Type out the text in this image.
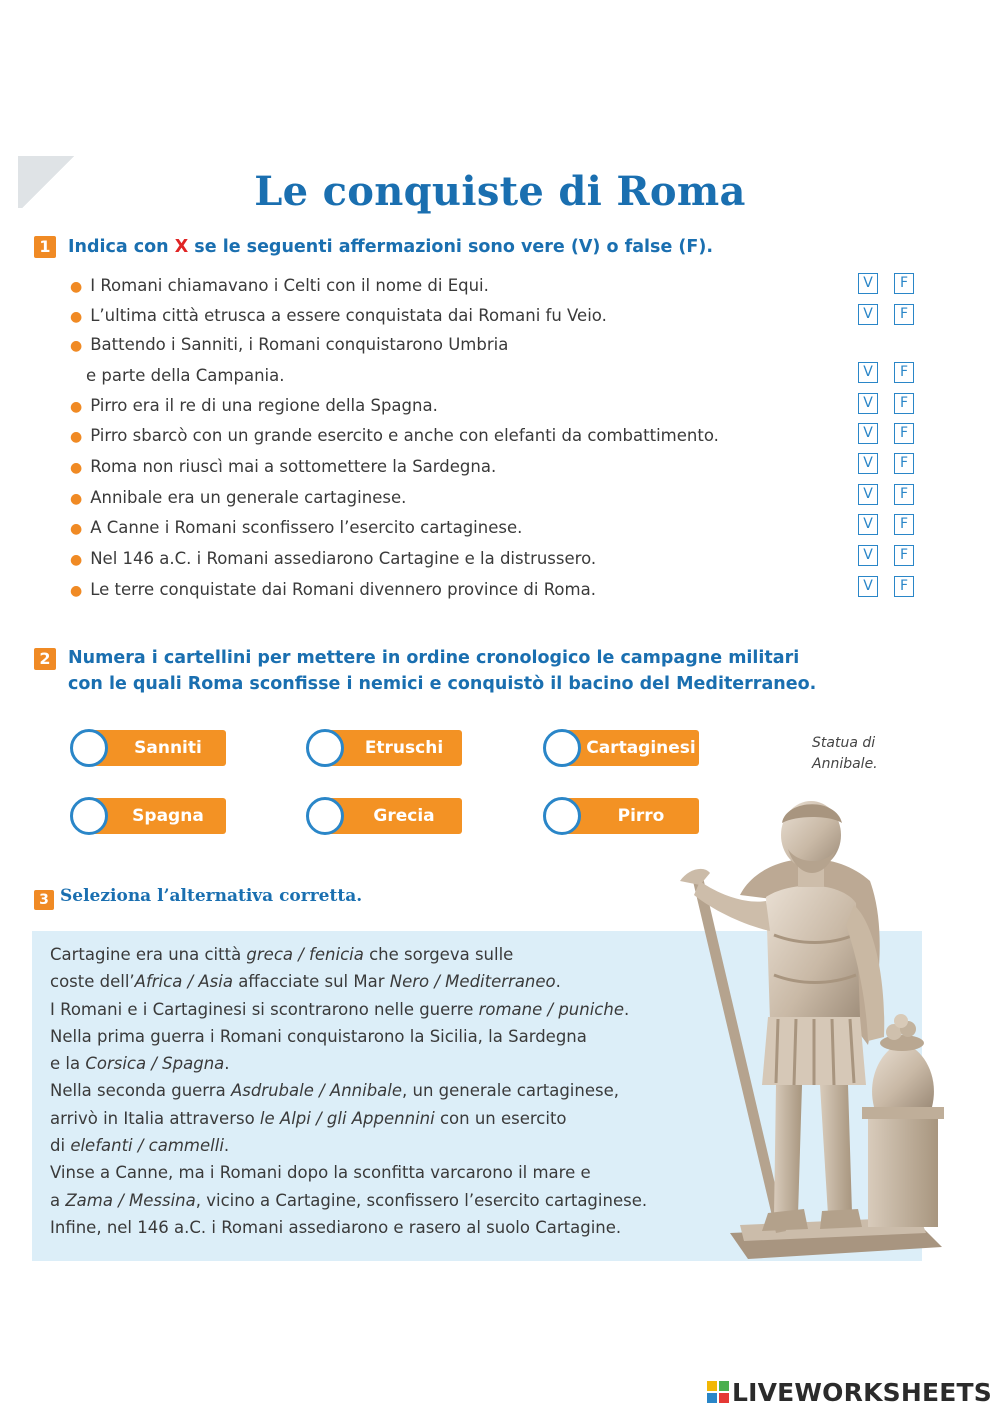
Le conquiste di Roma
1 Indica con X se le seguenti affermazioni sono vere (V) o false (F).
● I Romani chiamavano i Celti con il nome di Equi.	V	F
● L’ultima città etrusca a essere conquistata dai Romani fu Veio.	V	F
● Battendo i Sanniti, i Romani conquistarono Umbria
e parte della Campania.	V	F
● Pirro era il re di una regione della Spagna.	V	F
● Pirro sbarcò con un grande esercito e anche con elefanti da combattimento.	V	F
● Roma non riuscì mai a sottomettere la Sardegna.	V	F
● Annibale era un generale cartaginese.	V	F
● A Canne i Romani sconfissero l’esercito cartaginese.	V	F
● Nel 146 a.C. i Romani assediarono Cartagine e la distrussero.	V	F
● Le terre conquistate dai Romani divennero province di Roma.	V	F
2 Numera i cartellini per mettere in ordine cronologico le campagne militari
con le quali Roma sconfisse i nemici e conquistò il bacino del Mediterraneo.
Sanniti	Etruschi	Cartaginesi
Spagna	Grecia	Pirro
Statua di
Annibale.
3 Seleziona l’alternativa corretta.

Cartagine era una città greca / fenicia che sorgeva sulle

coste dell’Africa / Asia affacciate sul Mar Nero / Mediterraneo.

I Romani e i Cartaginesi si scontrarono nelle guerre romane / puniche.

Nella prima guerra i Romani conquistarono la Sicilia, la Sardegna

e la Corsica / Spagna.

Nella seconda guerra Asdrubale / Annibale, un generale cartaginese,

arrivò in Italia attraverso le Alpi / gli Appennini con un esercito

di elefanti / cammelli.

Vinse a Canne, ma i Romani dopo la sconfitta varcarono il mare e

a Zama / Messina, vicino a Cartagine, sconfissero l’esercito cartaginese.

Infine, nel 146 a.C. i Romani assediarono e rasero al suolo Cartagine.

LIVEWORKSHEETS
